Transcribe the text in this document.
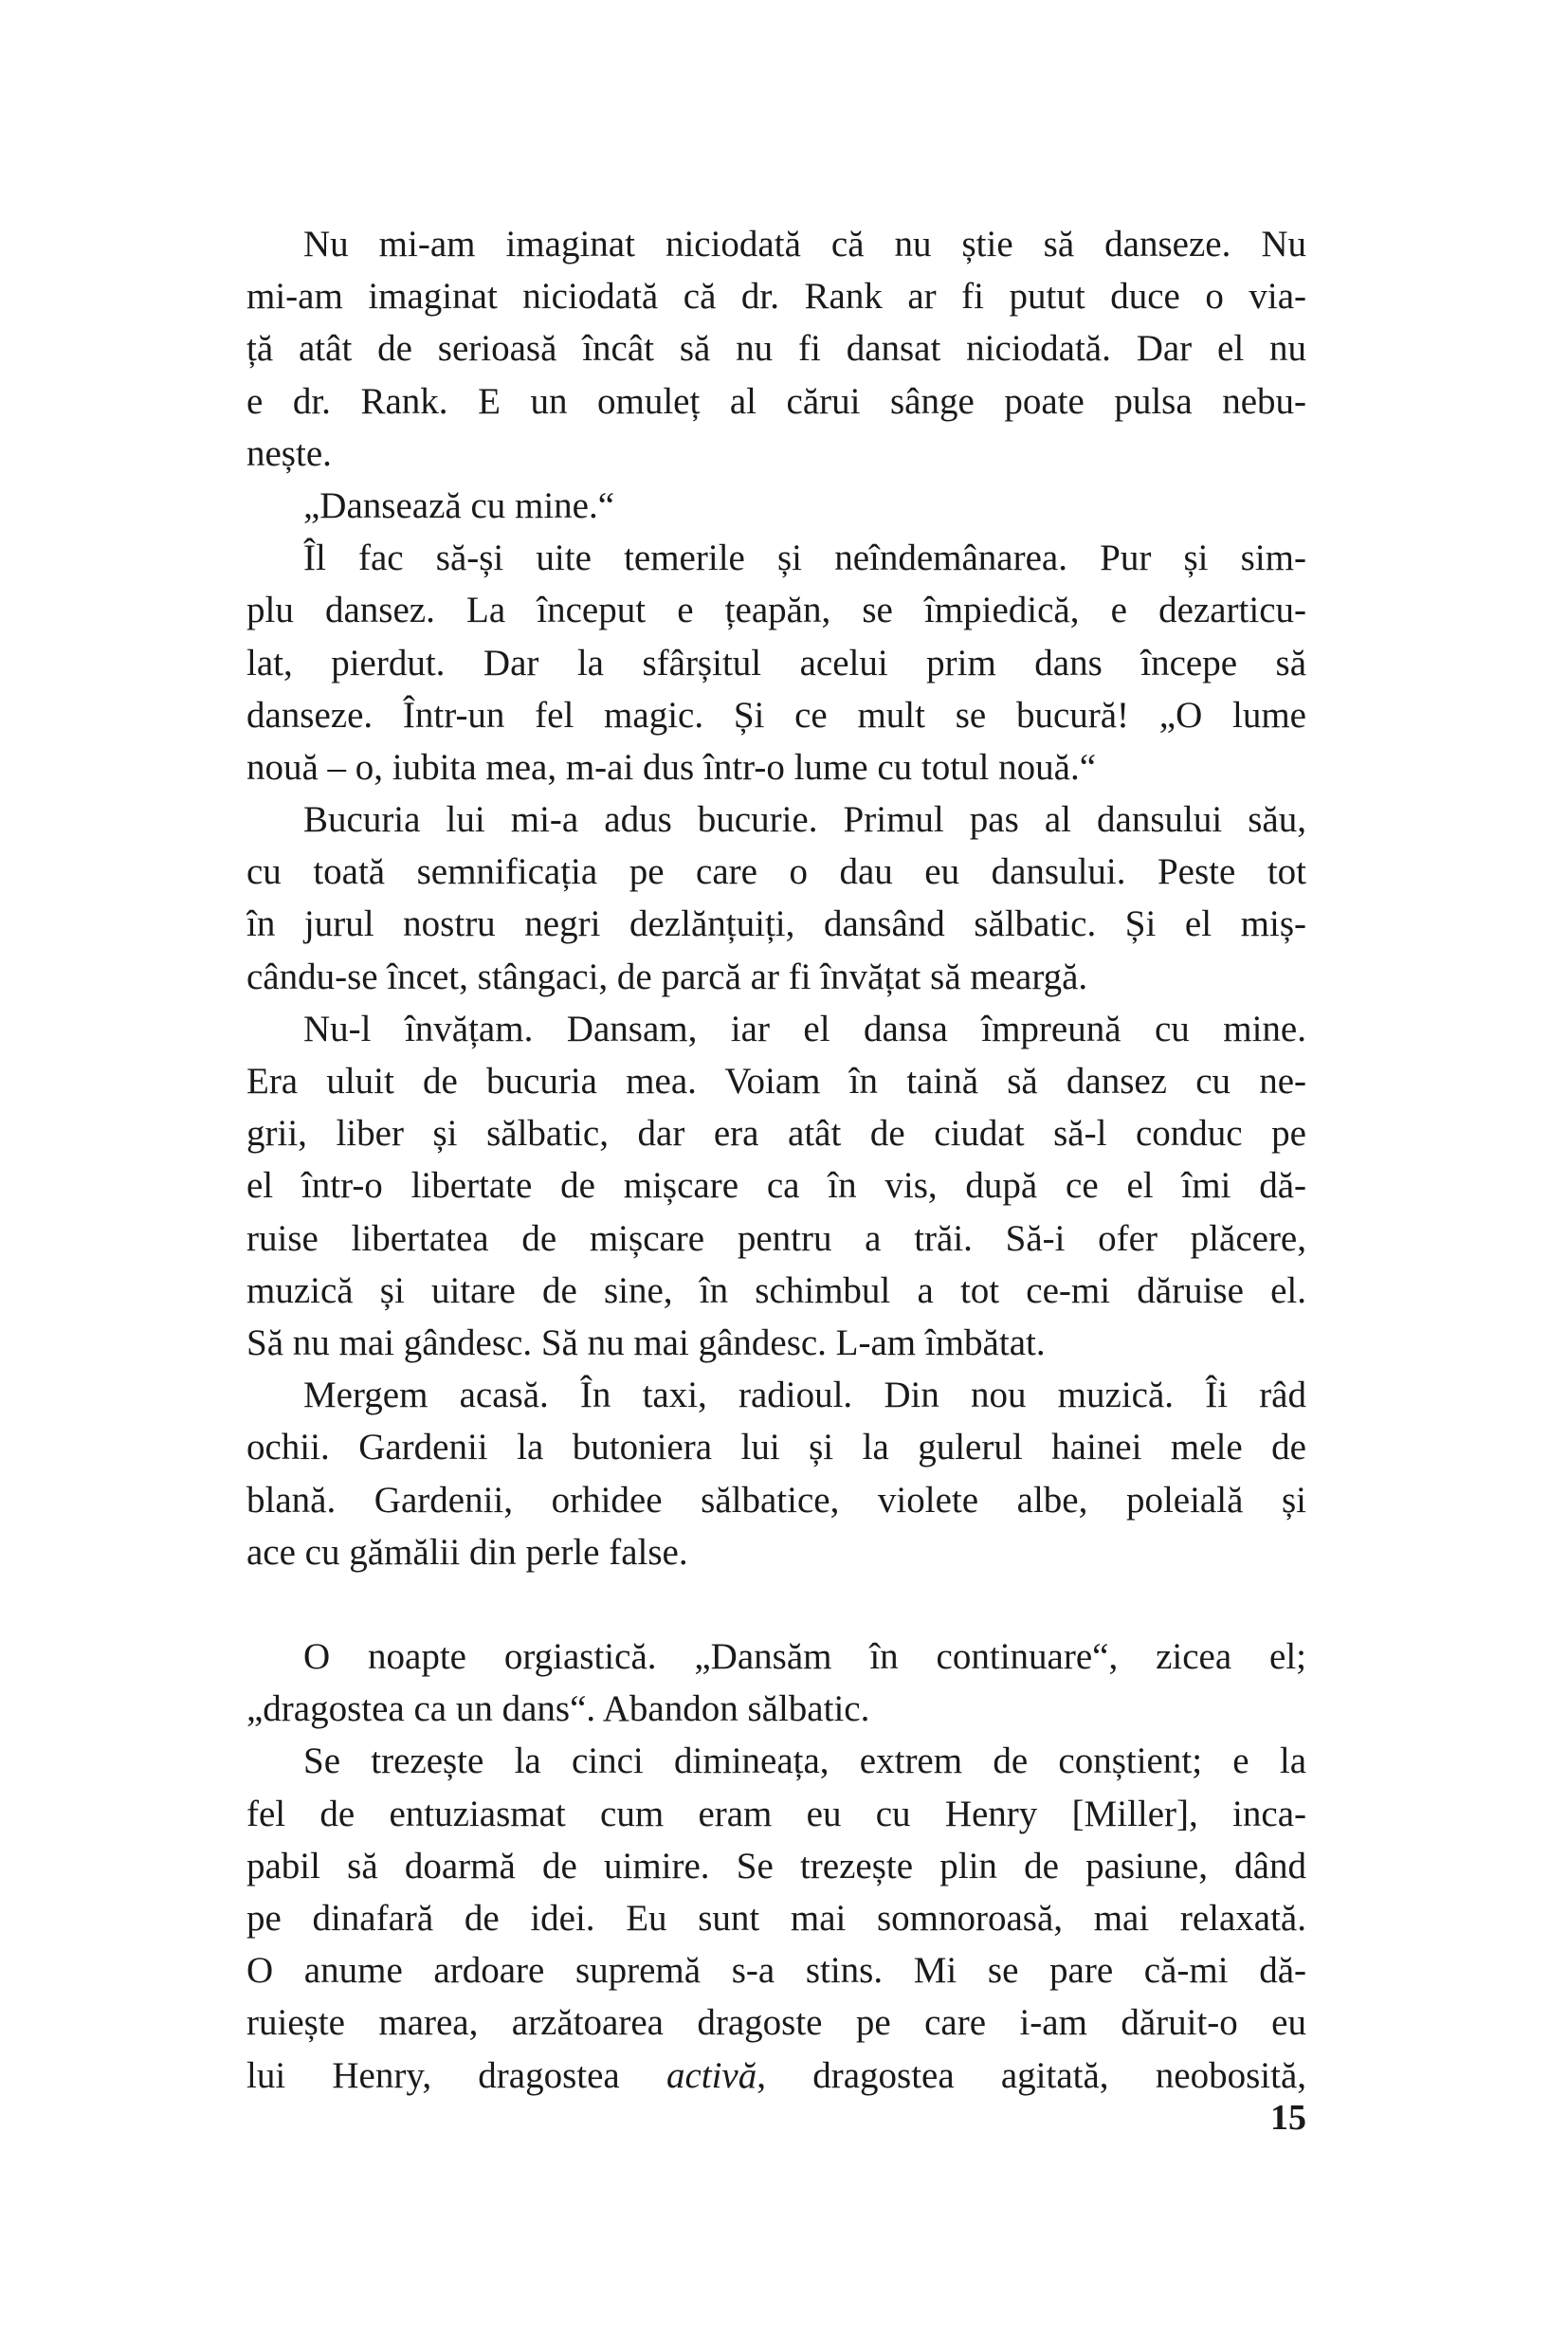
Nu mi-am imaginat niciodată că nu știe să danseze. Nu
mi-am imaginat niciodată că dr. Rank ar fi putut duce o via-
ță atât de serioasă încât să nu fi dansat niciodată. Dar el nu
e dr. Rank. E un omuleț al cărui sânge poate pulsa nebu-
nește.
„Dansează cu mine.“
Îl fac să-și uite temerile și neîndemânarea. Pur și sim-
plu dansez. La început e țeapăn, se împiedică, e dezarticu-
lat, pierdut. Dar la sfârșitul acelui prim dans începe să
danseze. Într-un fel magic. Și ce mult se bucură! „O lume
nouă – o, iubita mea, m-ai dus într-o lume cu totul nouă.“
Bucuria lui mi-a adus bucurie. Primul pas al dansului său,
cu toată semnificația pe care o dau eu dansului. Peste tot
în jurul nostru negri dezlănțuiți, dansând sălbatic. Și el miș-
cându-se încet, stângaci, de parcă ar fi învățat să meargă.
Nu-l învățam. Dansam, iar el dansa împreună cu mine.
Era uluit de bucuria mea. Voiam în taină să dansez cu ne-
grii, liber și sălbatic, dar era atât de ciudat să-l conduc pe
el într-o libertate de mișcare ca în vis, după ce el îmi dă-
ruise libertatea de mișcare pentru a trăi. Să-i ofer plăcere,
muzică și uitare de sine, în schimbul a tot ce-mi dăruise el.
Să nu mai gândesc. Să nu mai gândesc. L-am îmbătat.
Mergem acasă. În taxi, radioul. Din nou muzică. Îi râd
ochii. Gardenii la butoniera lui și la gulerul hainei mele de
blană. Gardenii, orhidee sălbatice, violete albe, poleială și
ace cu gămălii din perle false.
O noapte orgiastică. „Dansăm în continuare“, zicea el;
„dragostea ca un dans“. Abandon sălbatic.
Se trezește la cinci dimineața, extrem de conștient; e la
fel de entuziasmat cum eram eu cu Henry [Miller], inca-
pabil să doarmă de uimire. Se trezește plin de pasiune, dând
pe dinafară de idei. Eu sunt mai somnoroasă, mai relaxată.
O anume ardoare supremă s-a stins. Mi se pare că-mi dă-
ruiește marea, arzătoarea dragoste pe care i-am dăruit-o eu
lui Henry, dragostea activă, dragostea agitată, neobosită,
15
